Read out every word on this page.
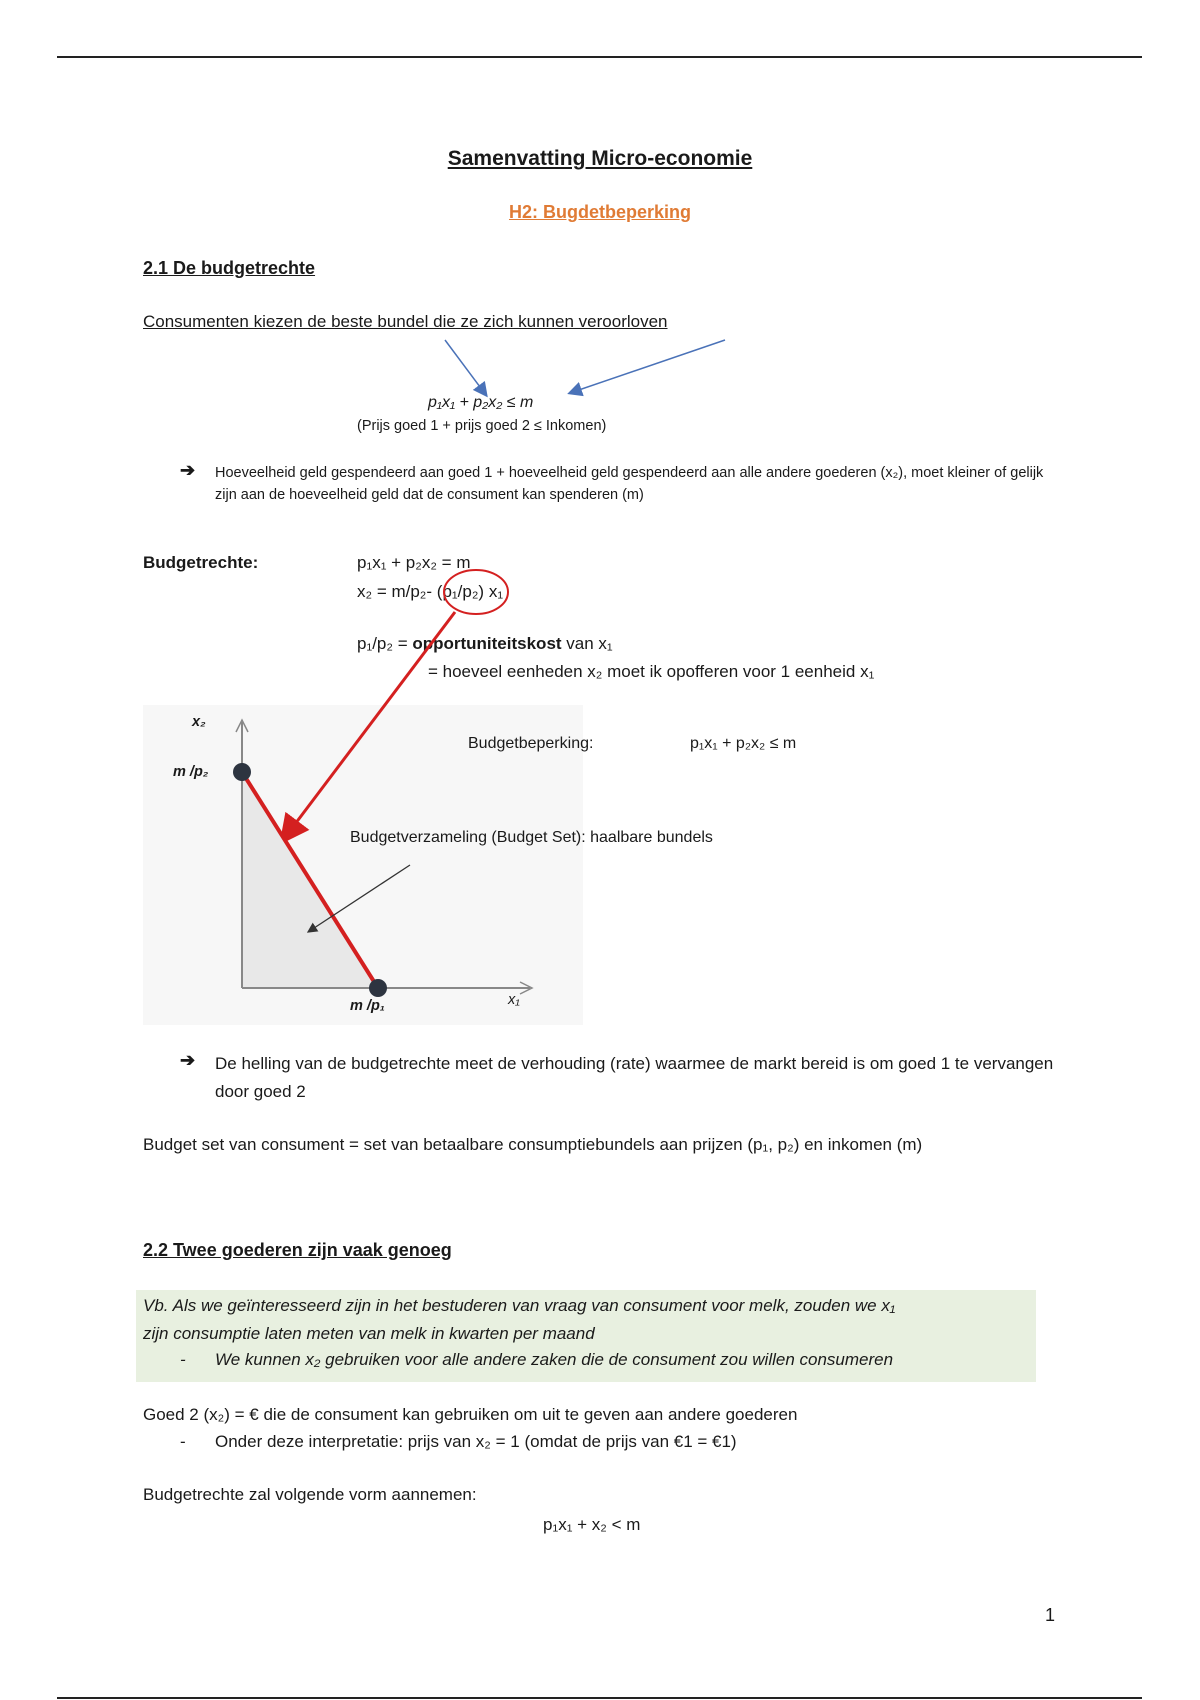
Samenvatting Micro-economie
H2: Bugdetbeperking
2.1 De budgetrechte
Consumenten kiezen de beste bundel die ze zich kunnen veroorloven
p₁x₁ + p₂x₂ ≤ m
(Prijs goed 1 + prijs goed 2 ≤ Inkomen)
➔ Hoeveelheid geld gespendeerd aan goed 1 + hoeveelheid geld gespendeerd aan alle andere goederen (x₂), moet kleiner of gelijk zijn aan de hoeveelheid geld dat de consument kan spenderen (m)
Budgetrechte:	p₁x₁ + p₂x₂ = m
x₂ = m/p₂- (p₁/p₂) x₁
p₁/p₂ = opportuniteitskost van x₁
= hoeveel eenheden x₂ moet ik opofferen voor 1 eenheid x₁
x₂
m /p₂
m /p₁	x₁
Budgetbeperking:	p₁x₁ + p₂x₂ ≤ m
Budgetverzameling (Budget Set): haalbare bundels
➔ De helling van de budgetrechte meet de verhouding (rate) waarmee de markt bereid is om goed 1 te vervangen door goed 2
Budget set van consument = set van betaalbare consumptiebundels aan prijzen (p₁, p₂) en inkomen (m)
2.2 Twee goederen zijn vaak genoeg
Vb. Als we geïnteresseerd zijn in het bestuderen van vraag van consument voor melk, zouden we x₁
zijn consumptie laten meten van melk in kwarten per maand
- We kunnen x₂ gebruiken voor alle andere zaken die de consument zou willen consumeren
Goed 2 (x₂) = € die de consument kan gebruiken om uit te geven aan andere goederen
- Onder deze interpretatie: prijs van x₂ = 1 (omdat de prijs van €1 = €1)
Budgetrechte zal volgende vorm aannemen:
p₁x₁ + x₂ < m
1
